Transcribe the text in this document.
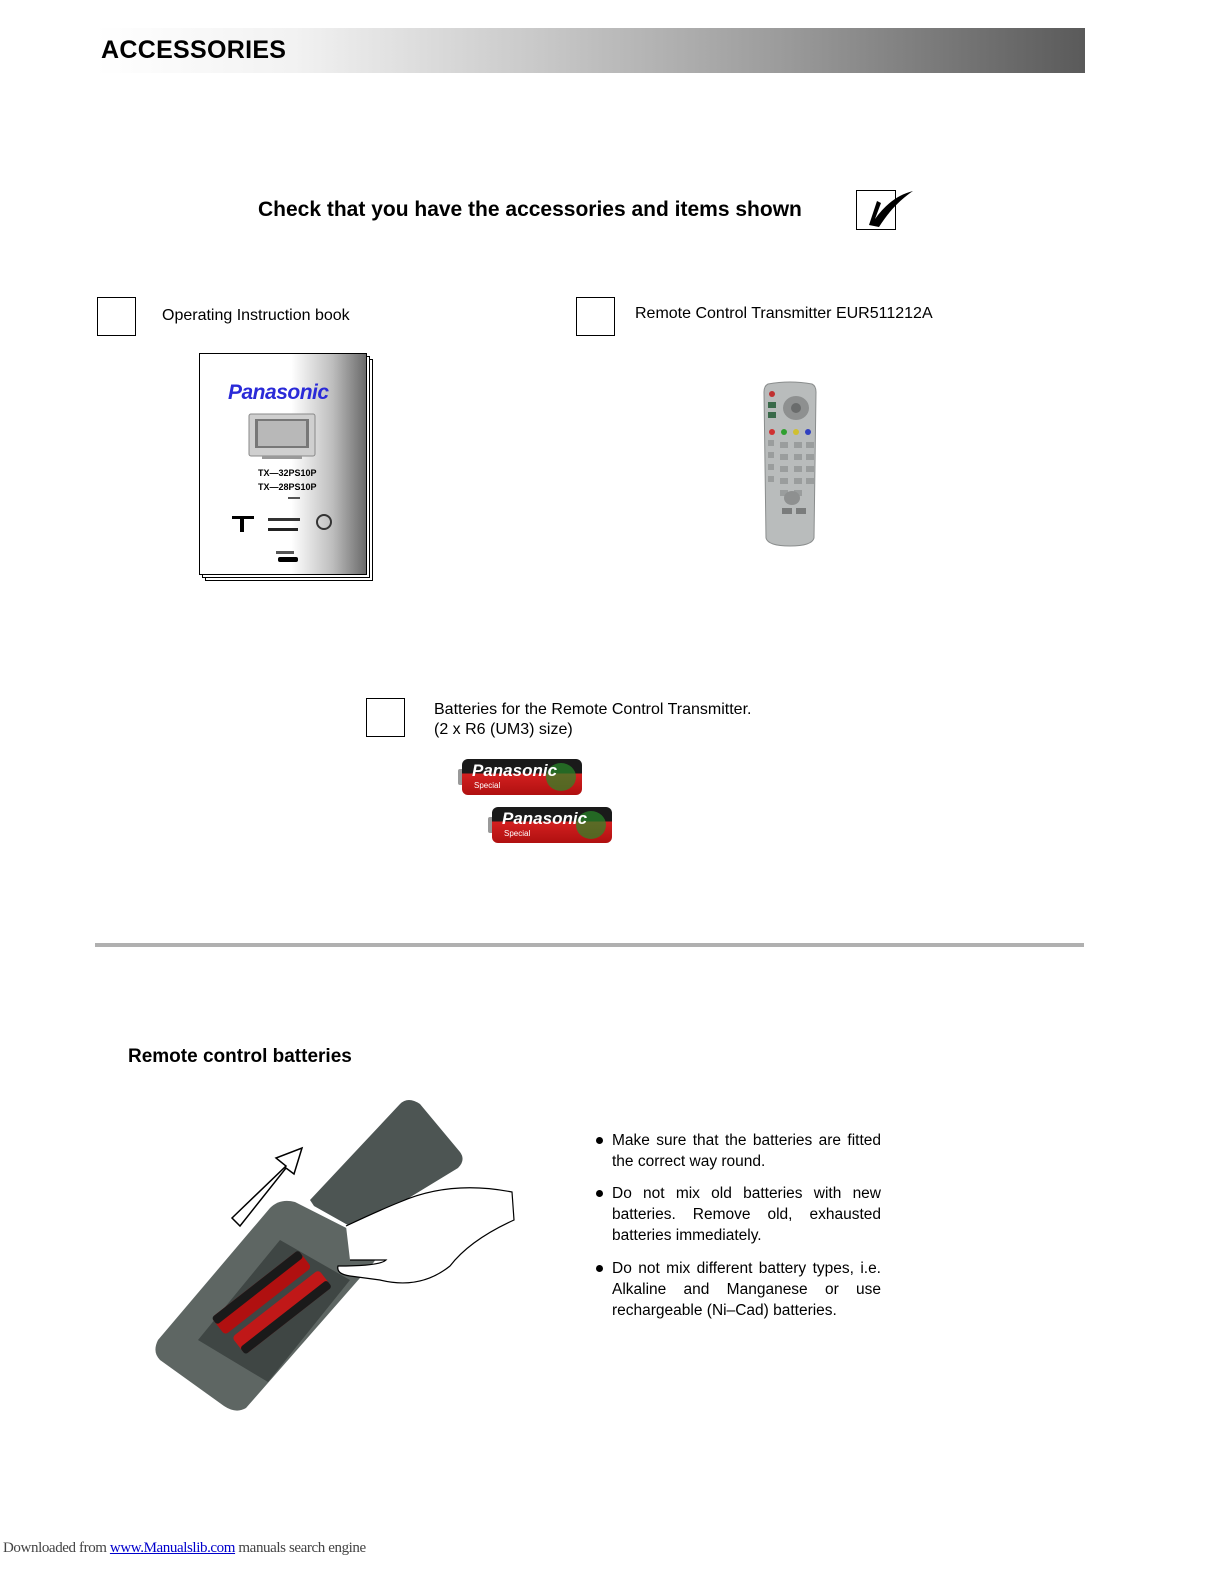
ACCESSORIES
Check that you have the accessories and items shown
Operating Instruction book
Panasonic
TX—32PS10P
TX—28PS10P
Remote Control Transmitter EUR511212A
Batteries for the Remote Control Transmitter.
(2 x R6 (UM3) size)
Panasonic
Special
Panasonic
Special
Remote control batteries
Make sure that the batteries are fitted the correct way round.
Do not mix old batteries with new batteries. Remove old, exhausted batteries immediately.
Do not mix different battery types, i.e. Alkaline and Manganese or use rechargeable (Ni–Cad) batteries.
Downloaded from www.Manualslib.com manuals search engine
